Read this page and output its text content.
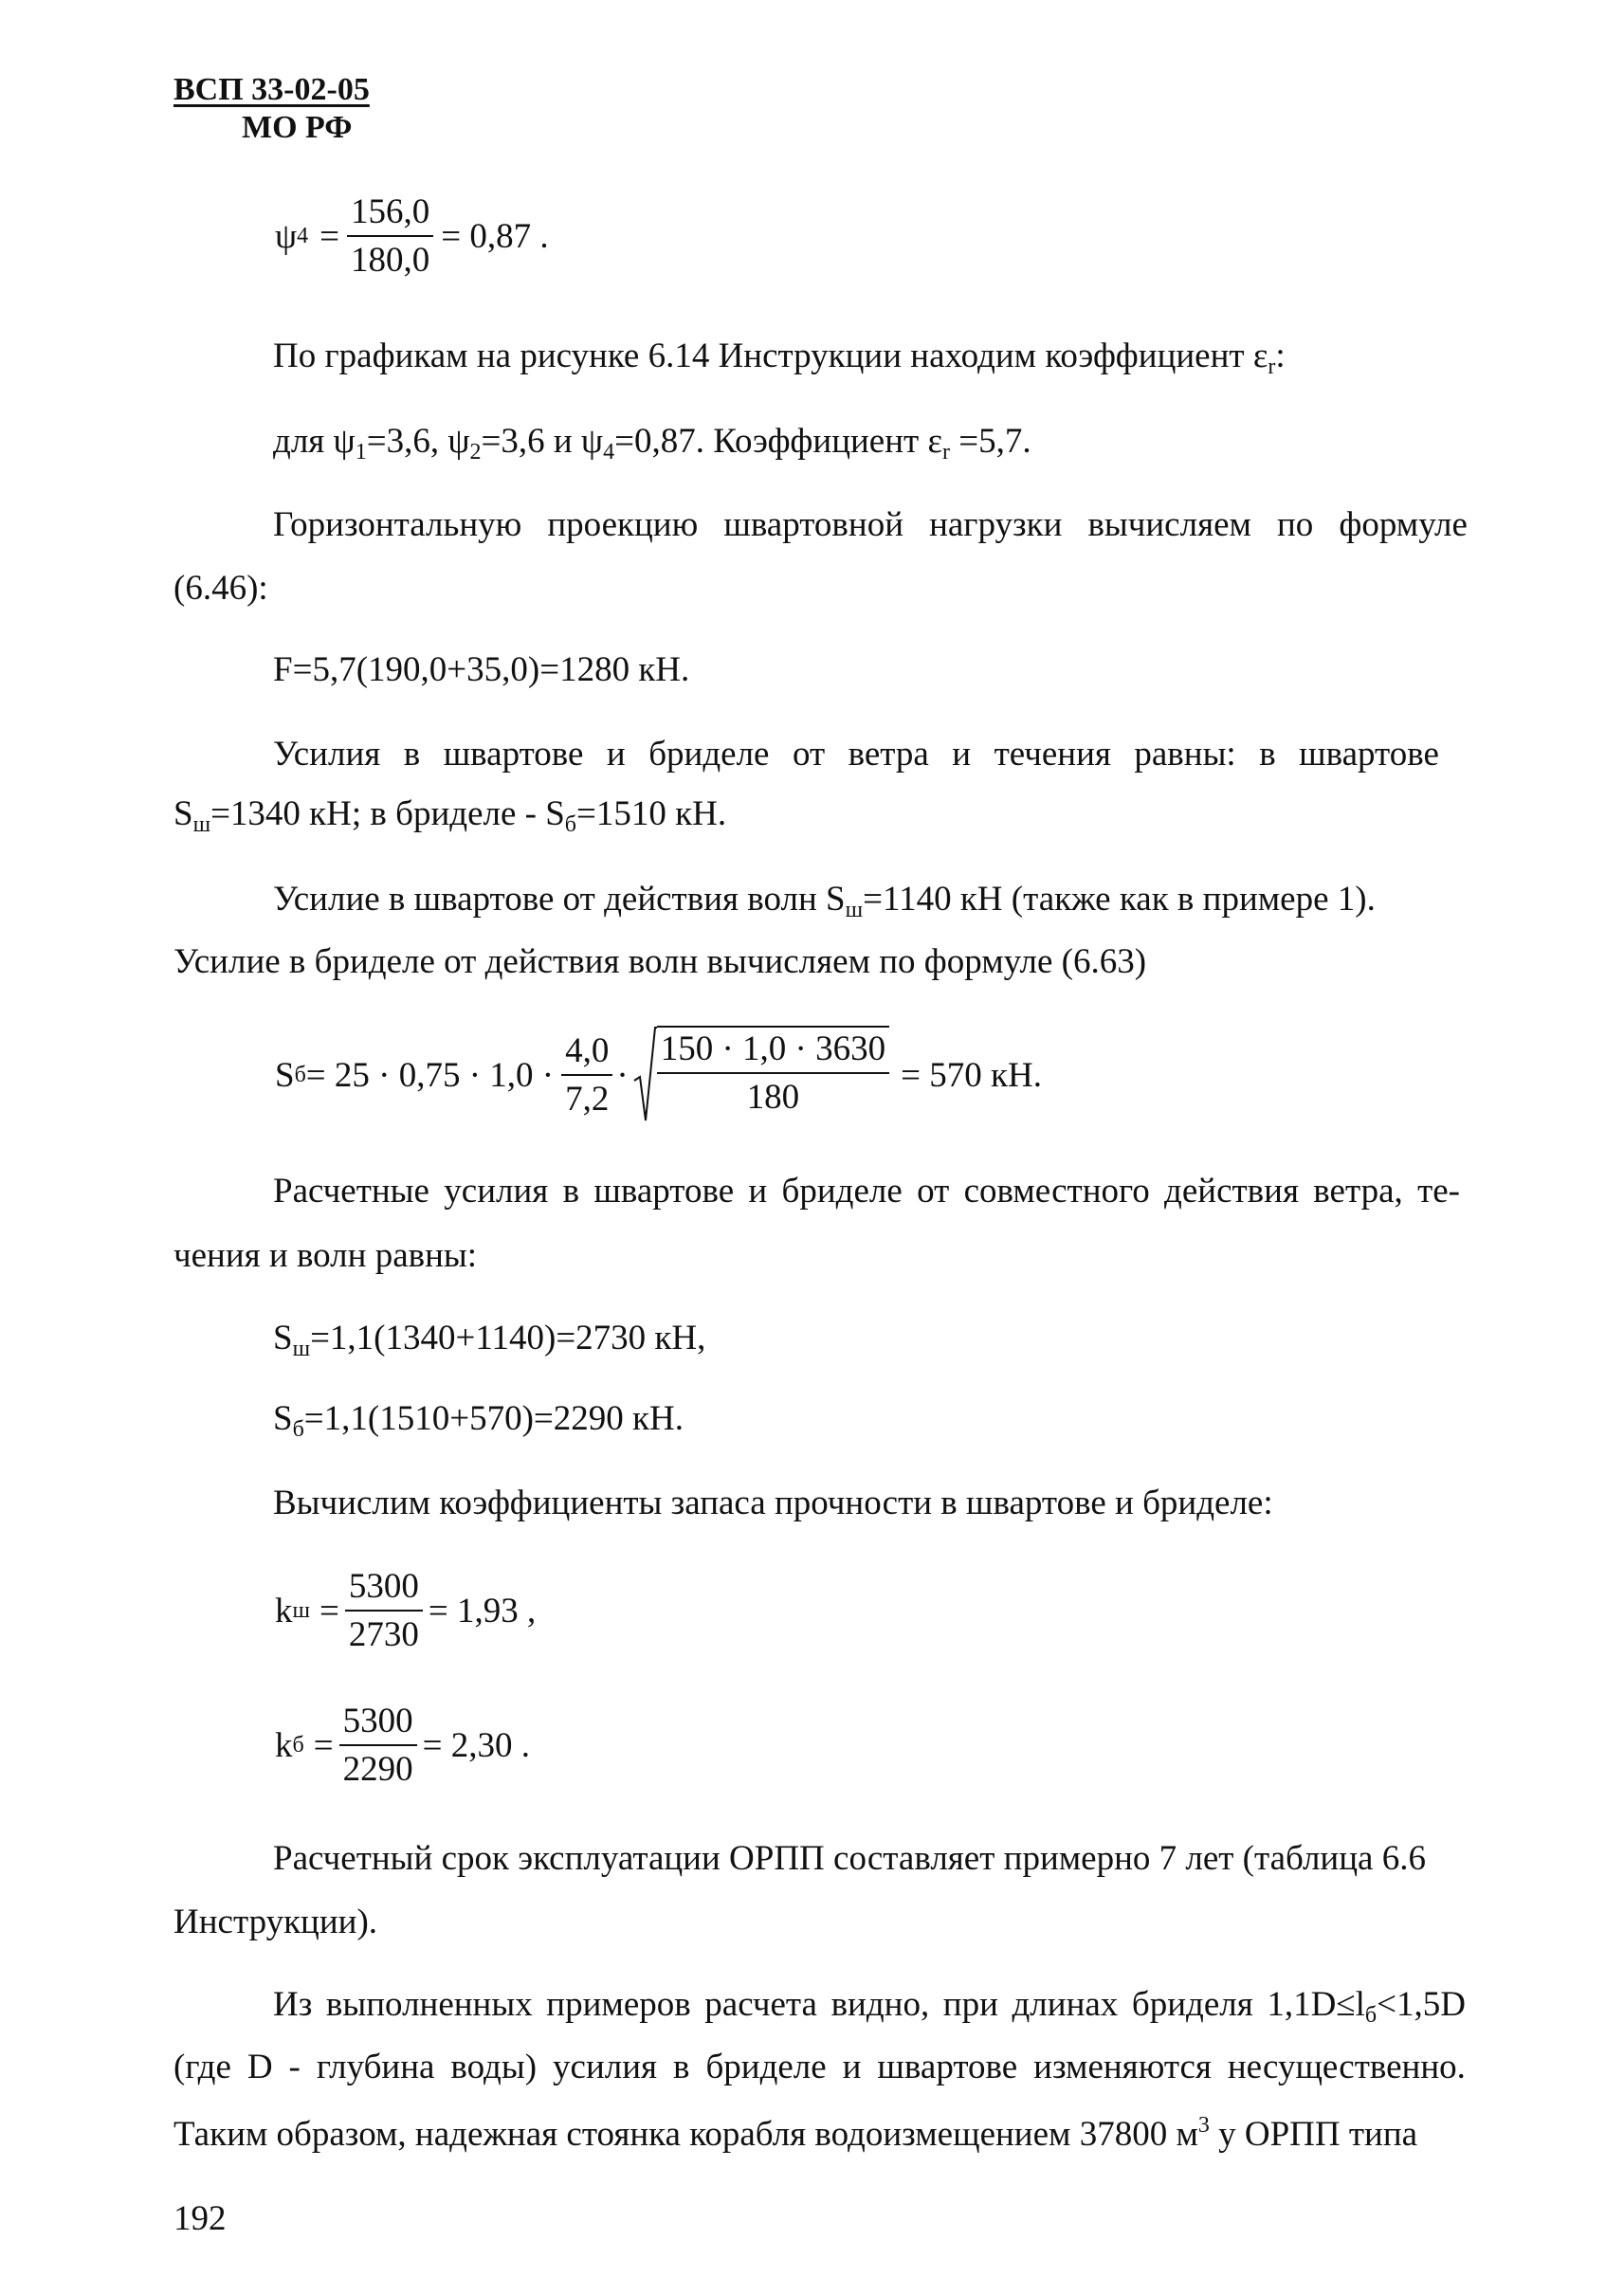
ВСП 33-02-05
МО РФ
ψ $4 = \frac{156,0}{180,0} = 0,87$ .
По графикам на рисунке 6.14 Инструкции находим коэффициент $\varepsilon_r$:
для $\psi_1=3,6$, $\psi_2=3,6$ и $\psi_4=0,87$. Коэффициент $\varepsilon_r =5,7$.
Горизонтальную проекцию швартовной нагрузки вычисляем по формуле
(6.46):
F=5,7(190,0+35,0)=1280 кН.
Усилия в швартове и бриделе от ветра и течения равны: в швартове
$S_ш=1340$ кН; в бриделе - $S_б=1510$ кН.
Усилие в швартове от действия волн $S_ш=1140$ кН (также как в примере 1).
Усилие в бриделе от действия волн вычисляем по формуле (6.63)
S $б = 25 \cdot 0,75 \cdot 1,0 \cdot \frac{4,0}{7,2} \cdot \frac{150 \cdot 1,0 \cdot 3630}{180} = 570$ кН.
Расчетные усилия в швартове и бриделе от совместного действия ветра, те-
чения и волн равны:
$S_ш=1,1(1340+1140)=2730$ кН,
$S_б=1,1(1510+570)=2290$ кН.
Вычислим коэффициенты запаса прочности в швартове и бриделе:
k $ш = \frac{5300}{2730} = 1,93$ ,
k $б = \frac{5300}{2290} = 2,30$ .
Расчетный срок эксплуатации ОРПП составляет примерно 7 лет (таблица 6.6
Инструкции).
Из выполненных примеров расчета видно, при длинах бриделя $1,1D\le l_б<1,5D$
(где D - глубина воды) усилия в бриделе и швартове изменяются несущественно.
Таким образом, надежная стоянка корабля водоизмещением 37800 $м^3$ у ОРПП типа
192
